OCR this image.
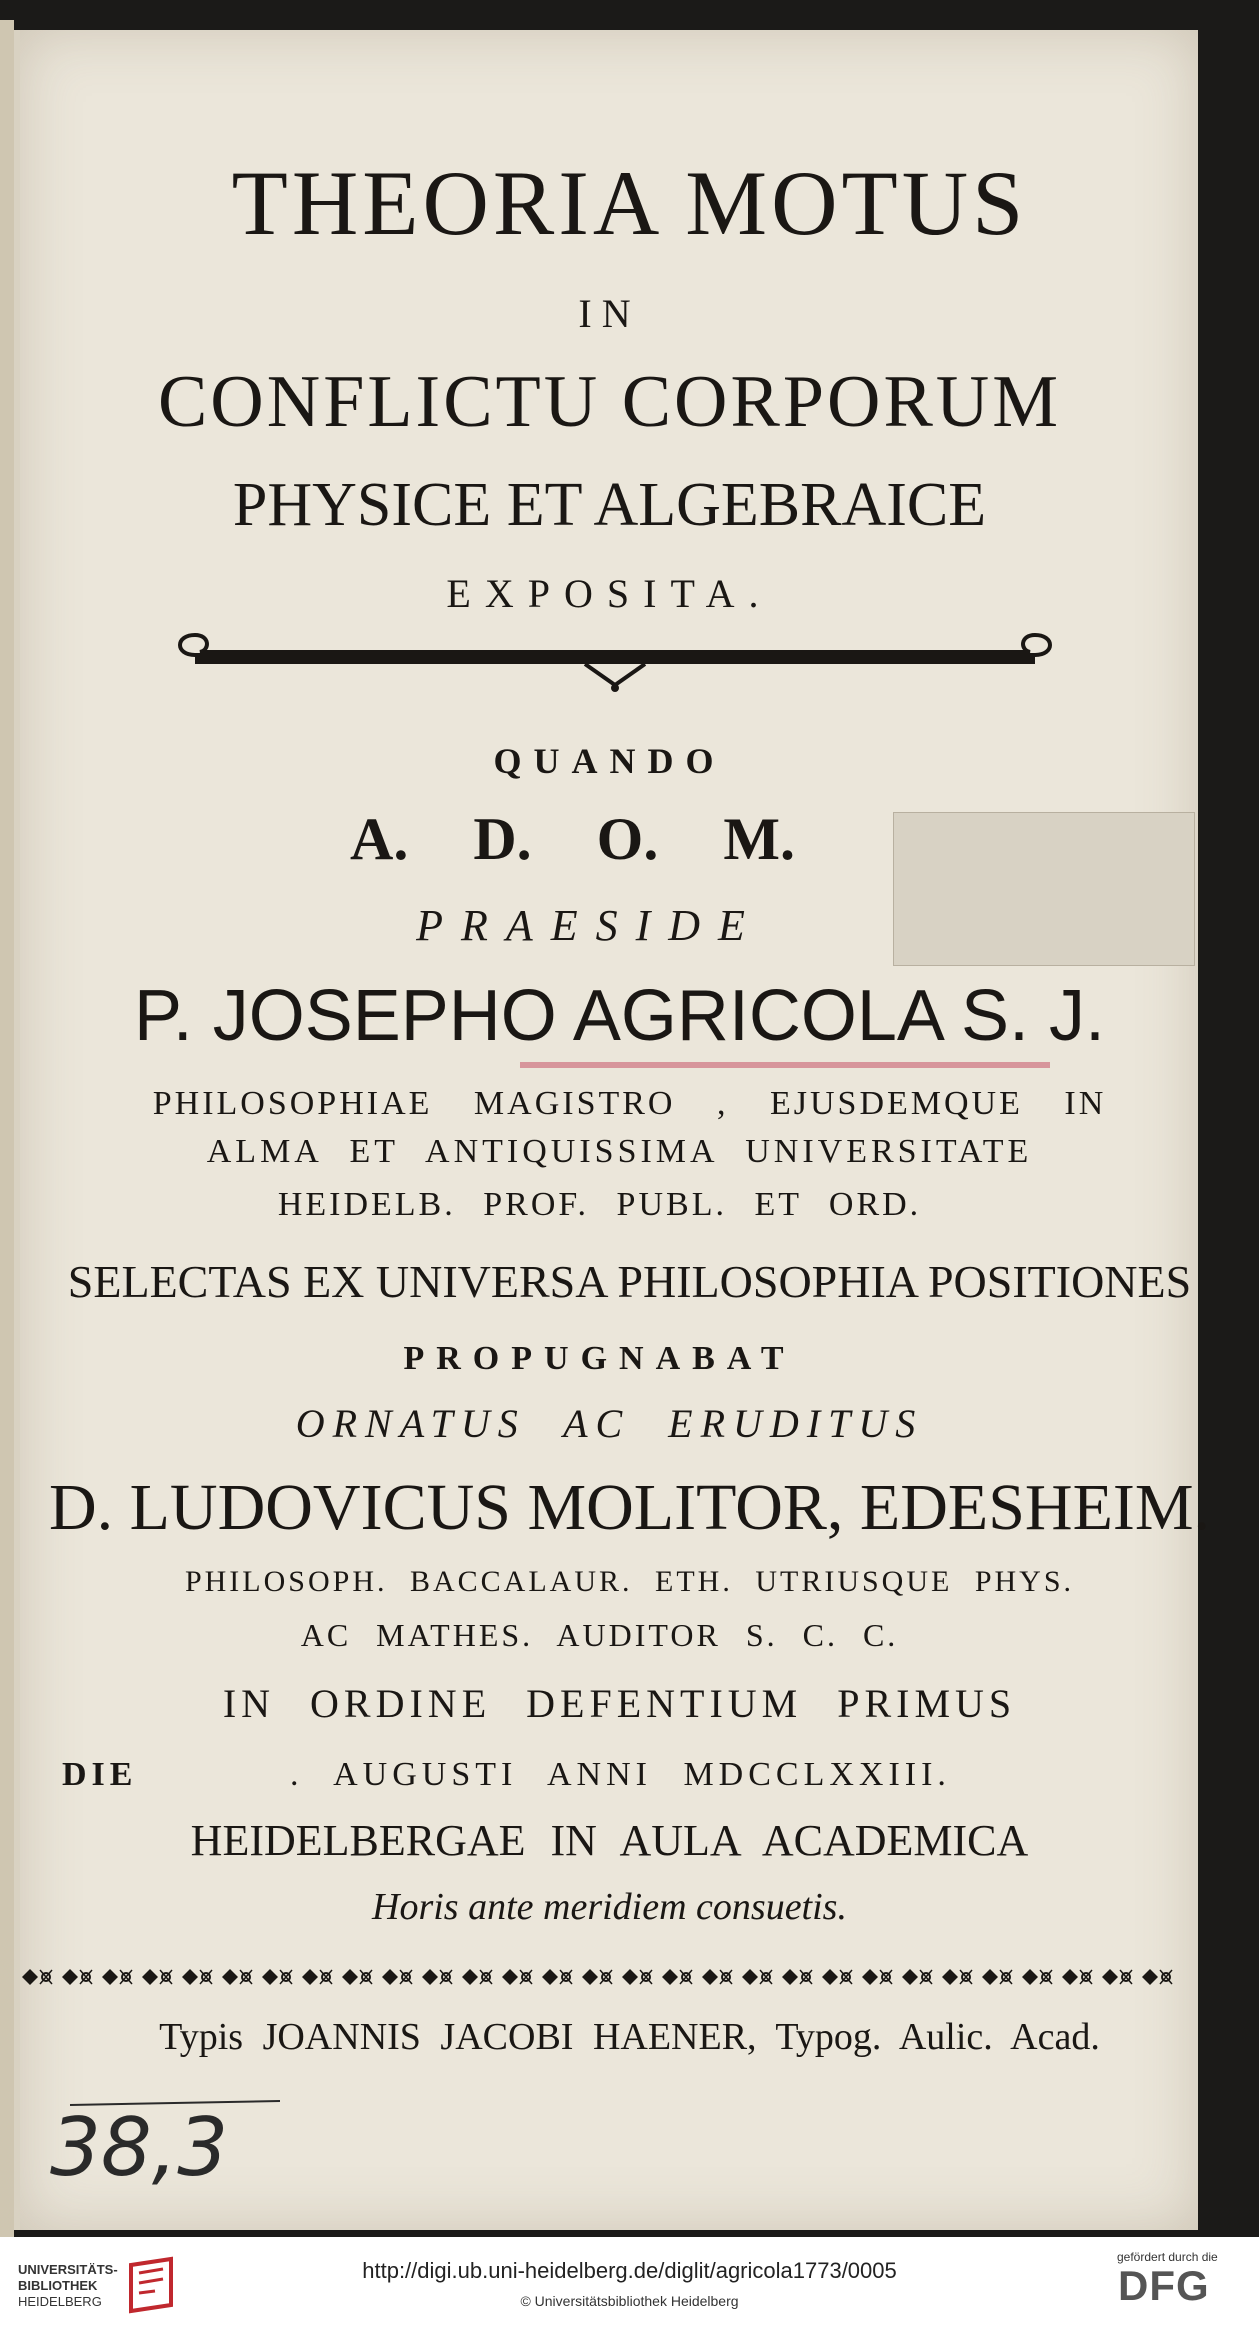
THEORIA MOTUS
IN
CONFLICTU CORPORUM
PHYSICE ET ALGEBRAICE
EXPOSITA.
QUANDO
A. D. O. M.
PRAESIDE
P. JOSEPHO AGRICOLA S. J.
PHILOSOPHIAE MAGISTRO , EJUSDEMQUE IN
ALMA ET ANTIQUISSIMA UNIVERSITATE
HEIDELB. PROF. PUBL. ET ORD.
SELECTAS EX UNIVERSA PHILOSOPHIA POSITIONES
PROPUGNABAT
ORNATUS AC ERUDITUS
D. LUDOVICUS MOLITOR, EDESHEIM.
PHILOSOPH. BACCALAUR. ETH. UTRIUSQUE PHYS.
AC MATHES. AUDITOR S. C. C.
IN ORDINE DEFENTIUM PRIMUS
DIE	. AUGUSTI ANNI MDCCLXXIII.
HEIDELBERGAE IN AULA ACADEMICA
Horis ante meridiem consuetis.
Typis JOANNIS JACOBI HAENER, Typog. Aulic. Acad.
38,3
UNIVERSITÄTS-
BIBLIOTHEK
HEIDELBERG
http://digi.ub.uni-heidelberg.de/diglit/agricola1773/0005
© Universitätsbibliothek Heidelberg
gefördert durch die
DFG
